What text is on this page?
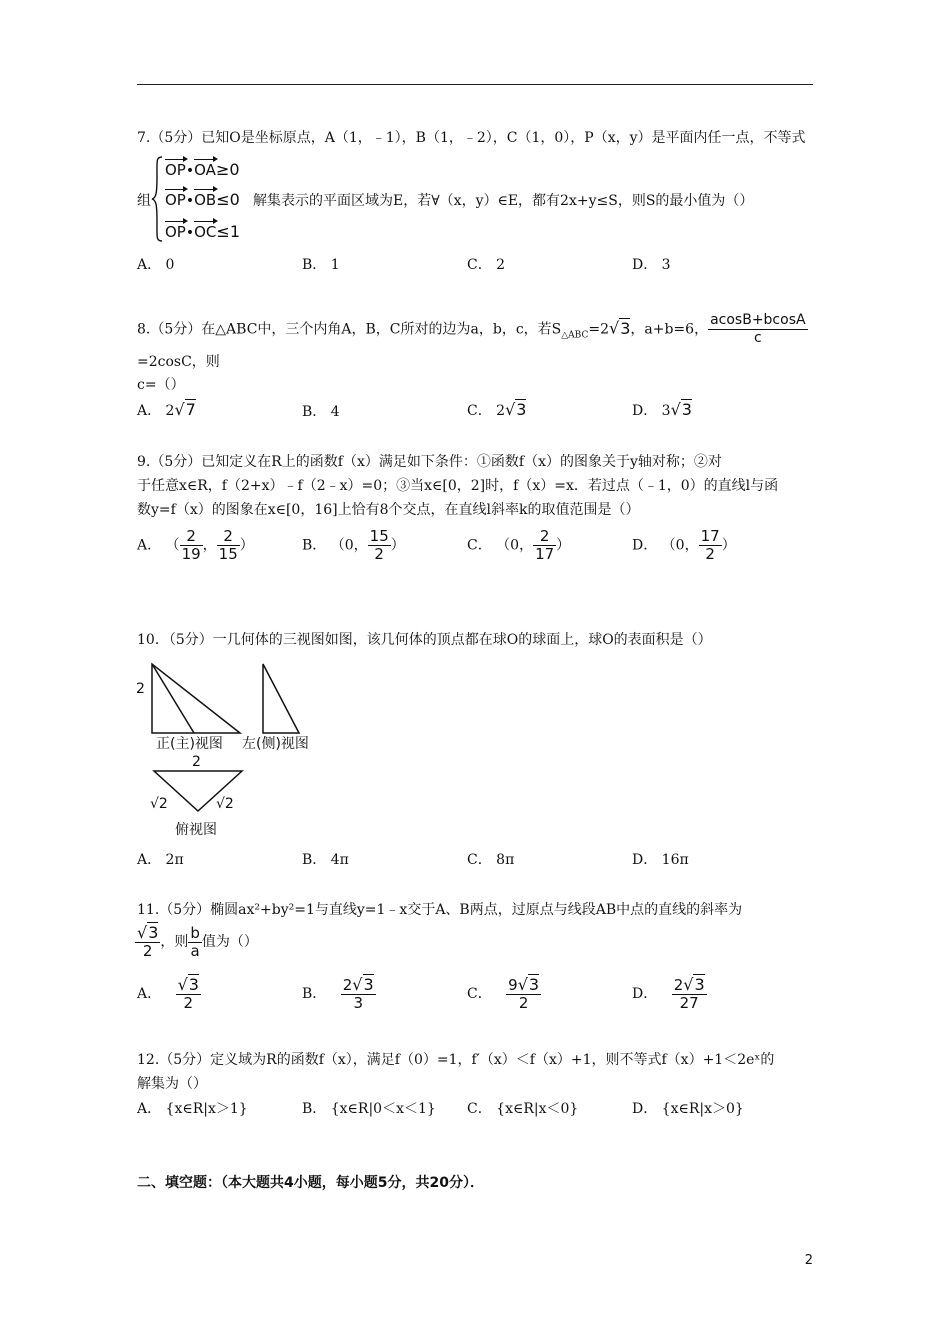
7.（5分）已知O是坐标原点，A（1，﹣1），B（1，﹣2），C（1，0），P（x，y）是平面内任一点，不等式
组
OP•OA≥0
OP•OB≤0
OP•OC≤1
解集表示的平面区域为E，若∀（x，y）∈E，都有2x+y≤S，则S的最小值为（）
A． 0	B． 1	C． 2	D． 3
8.（5分）在△ABC中，三个内角A，B，C所对的边为a，b，c，若$S_{\triangle ABC}=2√3$，a+b=6， $\frac{acosB+bcosA}{c}$
=2cosC，则
c=（）
A． 2√7	B． 4	C． 2√3	D． 3√3
9.（5分）已知定义在R上的函数f（x）满足如下条件：①函数f（x）的图象关于y轴对称；②对
于任意x∈R，f（2+x）﹣f（2﹣x）=0；③当x∈[0，2]时，f（x）=x．若过点（﹣1，0）的直线l与函
数y=f（x）的图象在x∈[0，16]上恰有8个交点，在直线l斜率k的取值范围是（）
A． （ $\frac{2}{19}$ ， $\frac{2}{15}$ ）	B． （0， $\frac{15}{2}$ ）	C． （0， $\frac{2}{17}$ ）	D． （0， $\frac{17}{2}$ ）
10．（5分）一几何体的三视图如图，该几何体的顶点都在球O的球面上，球O的表面积是（）
2
正(主)视图 左(侧)视图
2
√2	√2
俯视图
A． 2π	B． 4π	C． 8π	D． 16π
11.（5分）椭圆ax²+by²=1与直线y=1﹣x交于A、B两点，过原点与线段AB中点的直线的斜率为
$\frac{√3}{2}$ ，则 $\frac{b}{a}$ 值为（）
A． $\frac{√3}{2}$	B． $\frac{2√3}{3}$	C． $\frac{9√3}{2}$	D． $\frac{2√3}{27}$
12.（5分）定义域为R的函数f（x），满足f（0）=1，f′（x）＜f（x）+1，则不等式f（x）+1＜2eˣ的
解集为（）
A． {x∈R|x＞1}	B． {x∈R|0＜x＜1} C． {x∈R|x＜0}	D． {x∈R|x＞0}
二、填空题：（本大题共4小题，每小题5分，共20分）．
2
